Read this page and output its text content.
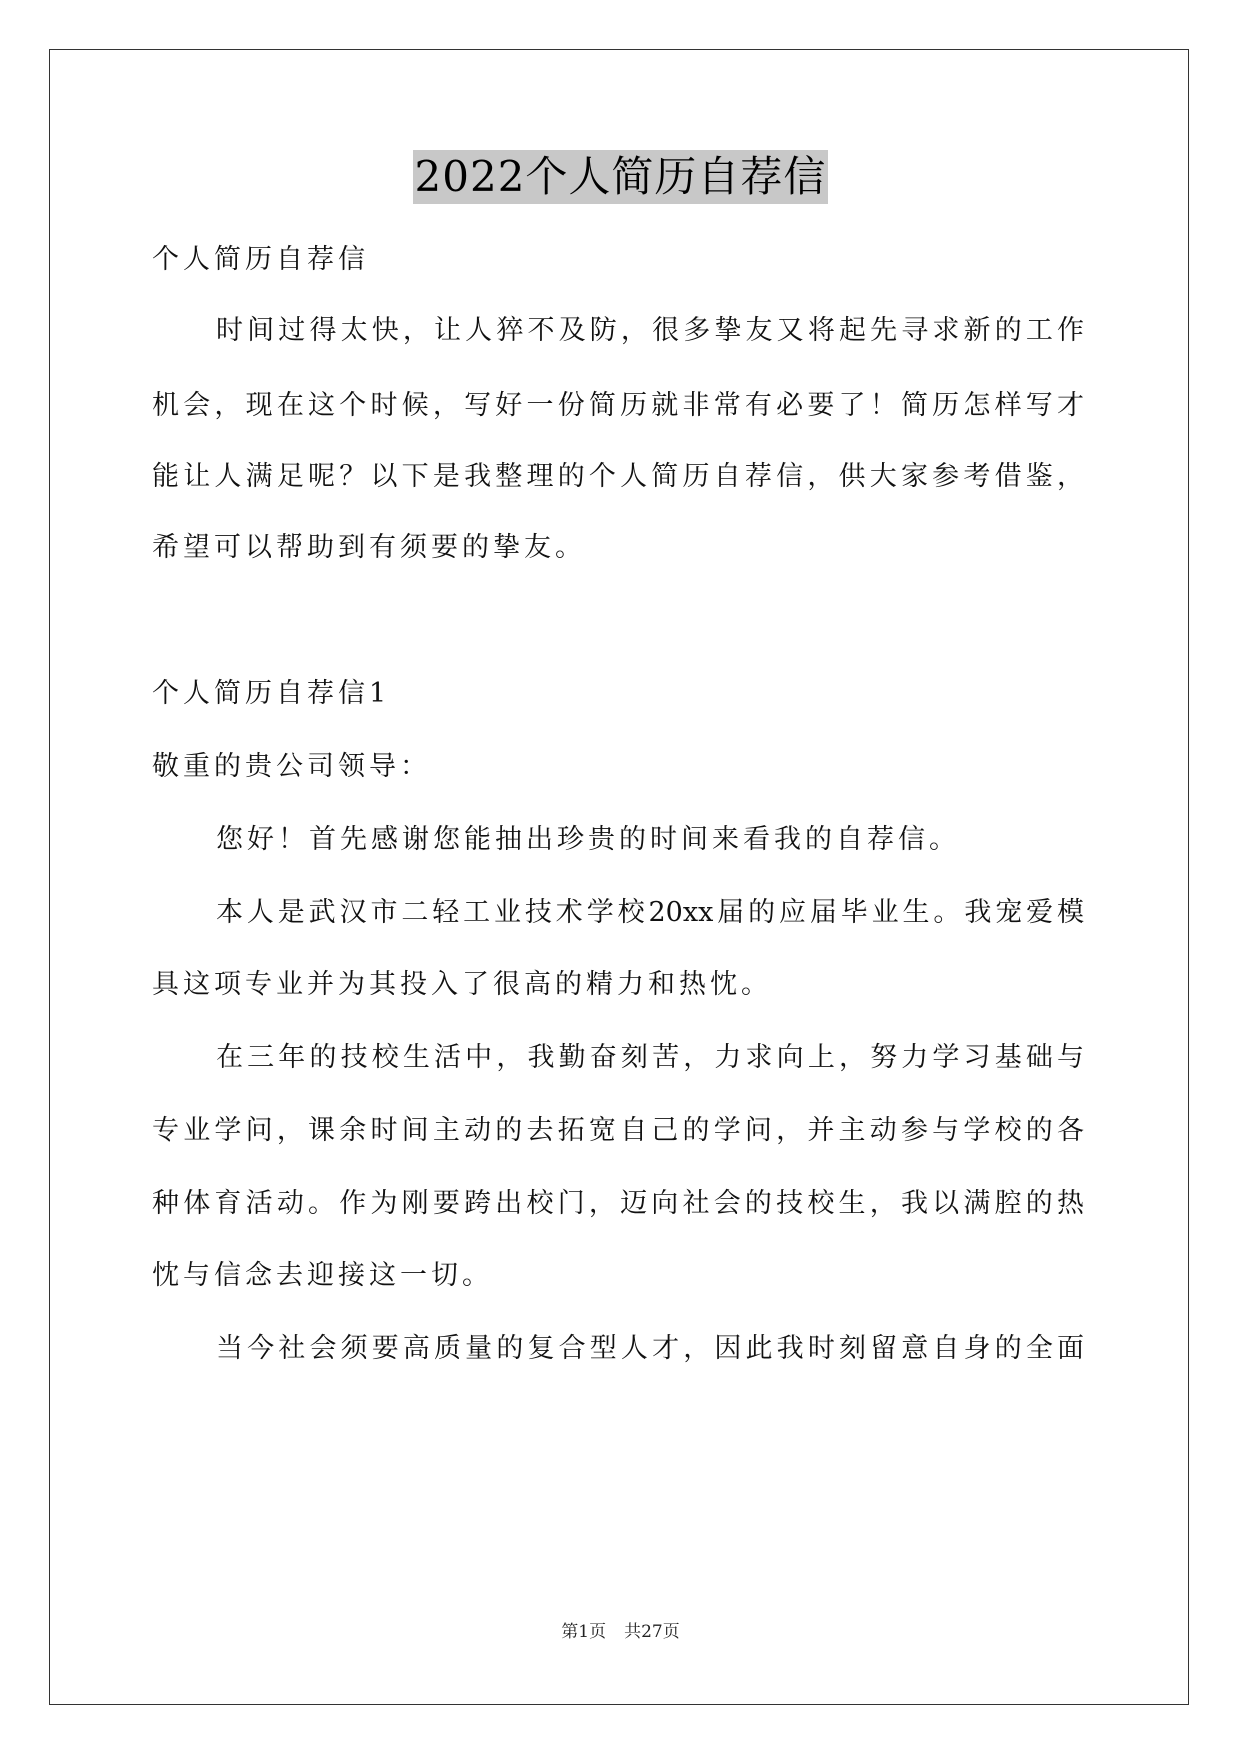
2022个人简历自荐信
个人简历自荐信
时间过得太快，让人猝不及防，很多挚友又将起先寻求新的工作
机会，现在这个时候，写好一份简历就非常有必要了！简历怎样写才
能让人满足呢？以下是我整理的个人简历自荐信，供大家参考借鉴，
希望可以帮助到有须要的挚友。
个人简历自荐信1
敬重的贵公司领导：
您好！首先感谢您能抽出珍贵的时间来看我的自荐信。
本人是武汉市二轻工业技术学校20xx届的应届毕业生。我宠爱模
具这项专业并为其投入了很高的精力和热忱。
在三年的技校生活中，我勤奋刻苦，力求向上，努力学习基础与
专业学问，课余时间主动的去拓宽自己的学问，并主动参与学校的各
种体育活动。作为刚要跨出校门，迈向社会的技校生，我以满腔的热
忱与信念去迎接这一切。
当今社会须要高质量的复合型人才，因此我时刻留意自身的全面
第1页 共27页
